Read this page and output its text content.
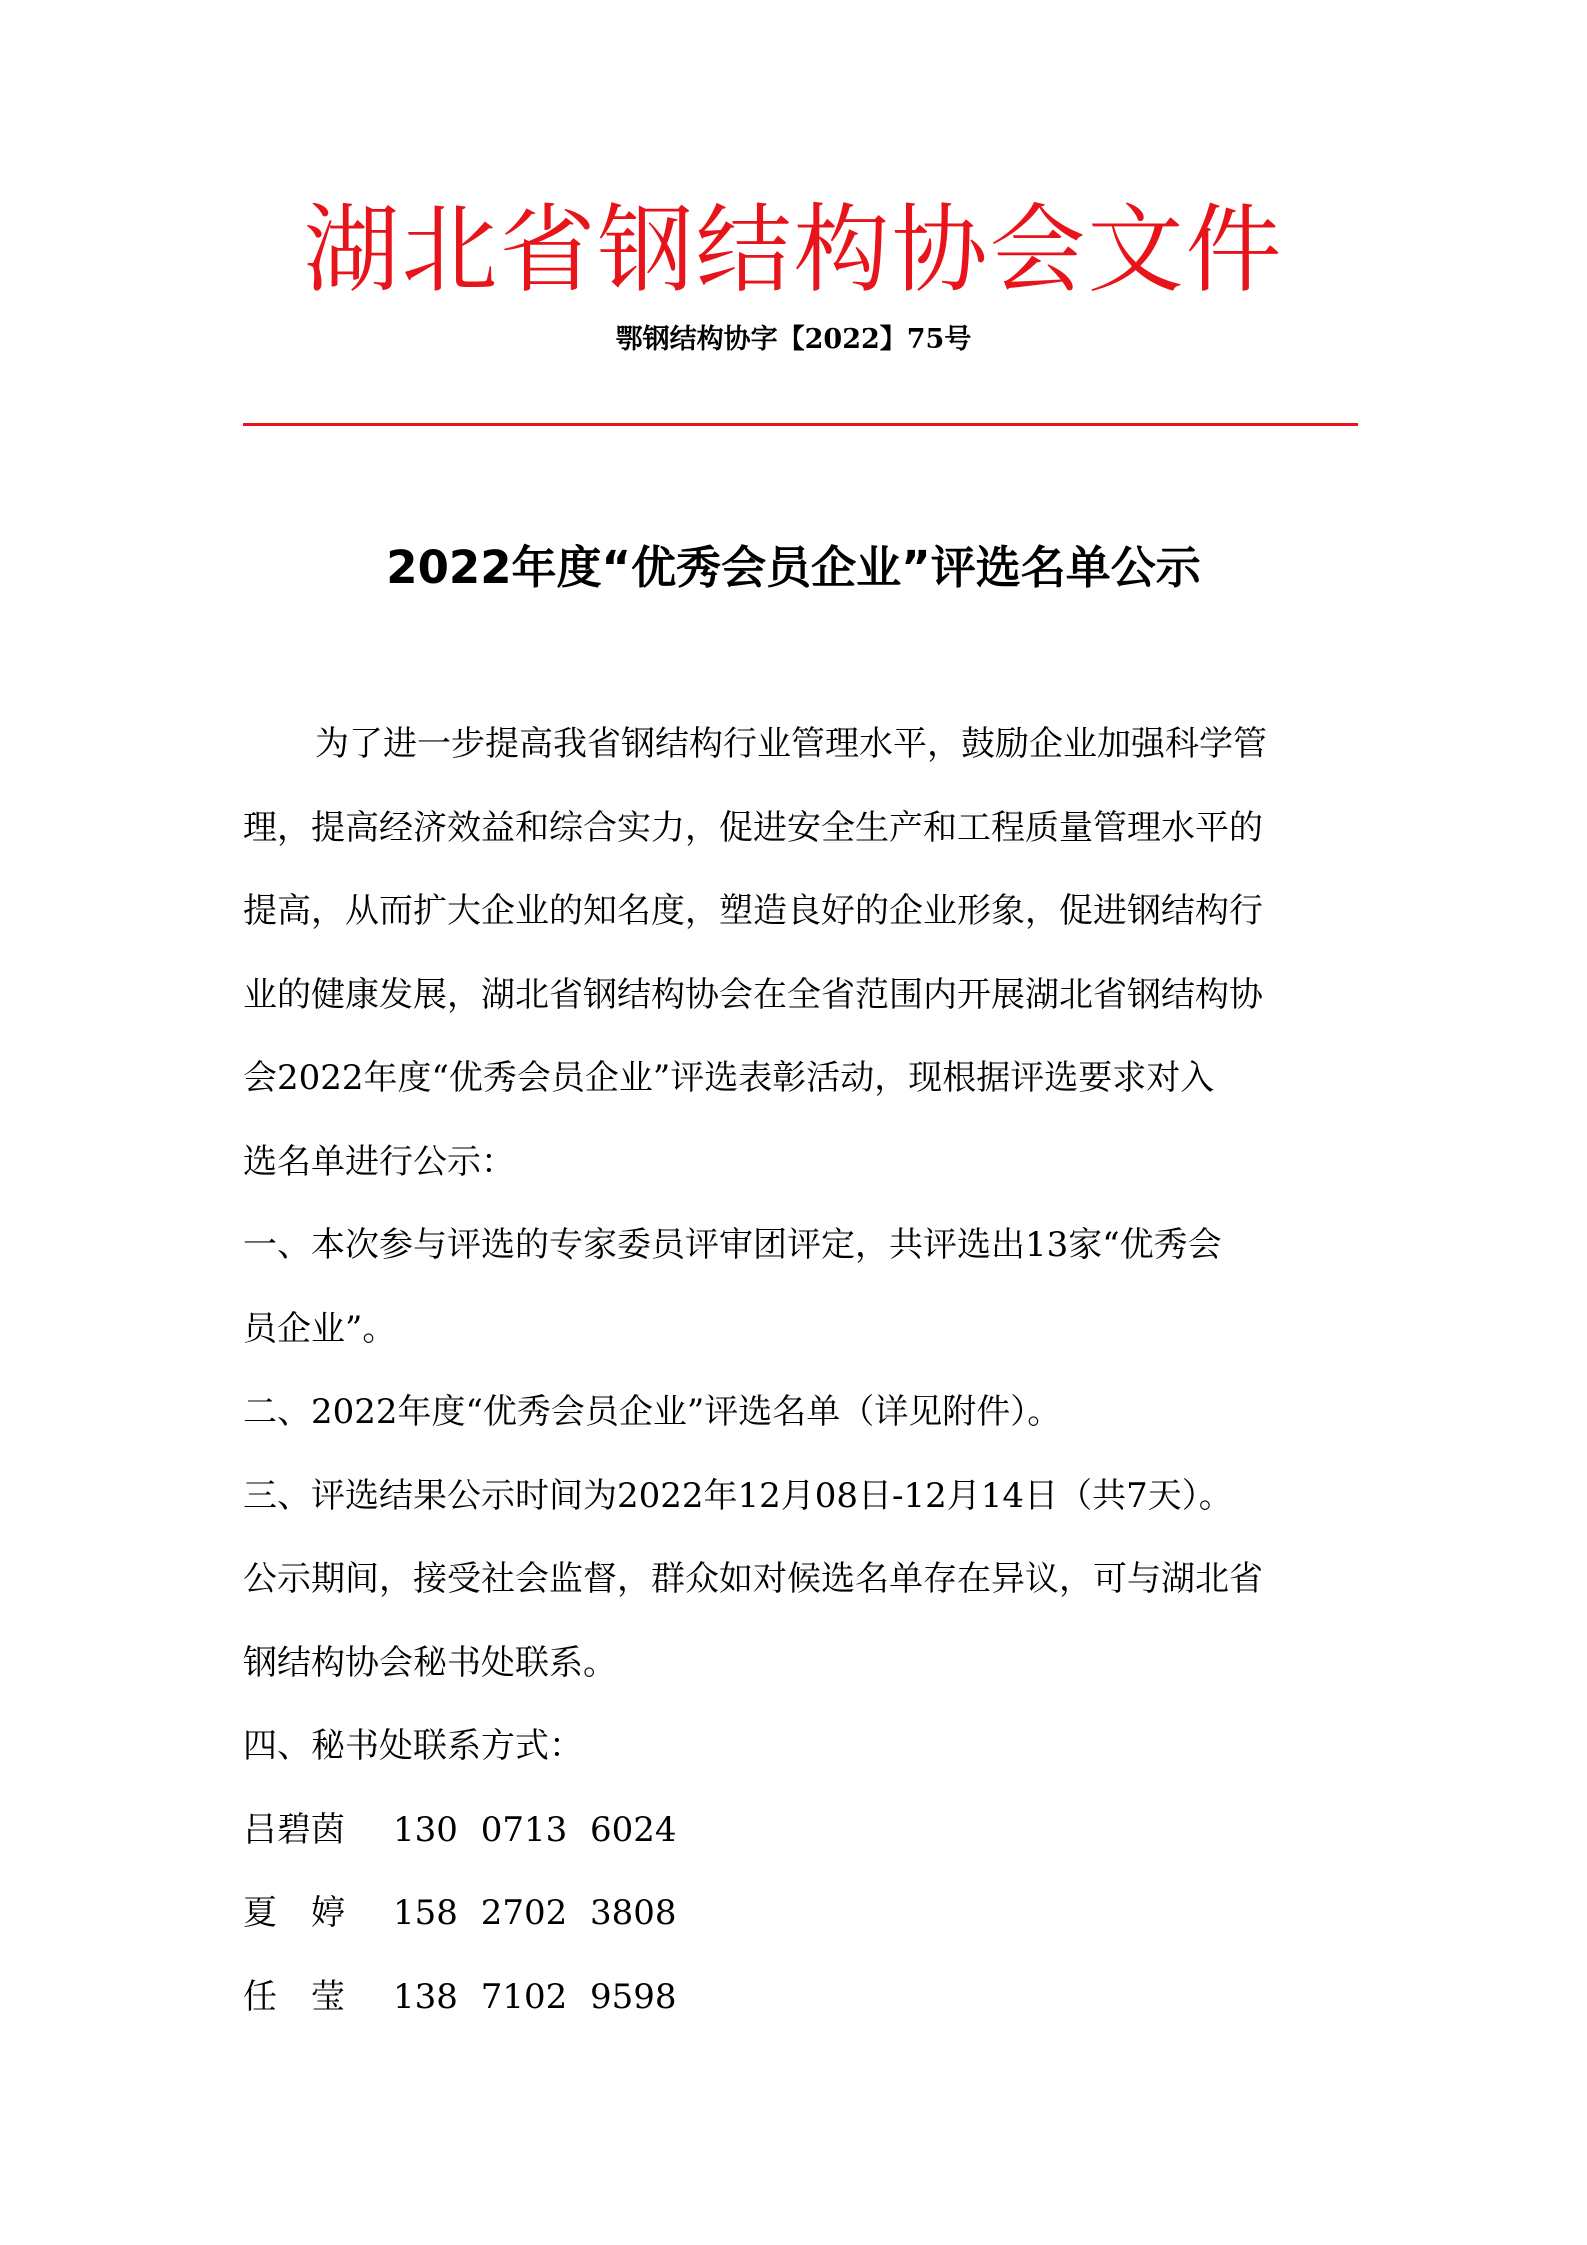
湖北省钢结构协会文件
鄂钢结构协字【2022】75号
2022年度“优秀会员企业”评选名单公示
为了进一步提高我省钢结构行业管理水平，鼓励企业加强科学管
理，提高经济效益和综合实力，促进安全生产和工程质量管理水平的
提高，从而扩大企业的知名度，塑造良好的企业形象，促进钢结构行
业的健康发展，湖北省钢结构协会在全省范围内开展湖北省钢结构协
会2022年度“优秀会员企业”评选表彰活动，现根据评选要求对入
选名单进行公示：
一、本次参与评选的专家委员评审团评定，共评选出13家“优秀会
员企业”。
二、2022年度“优秀会员企业”评选名单（详见附件）。
三、评选结果公示时间为2022年12月08日-12月14日（共7天）。
公示期间，接受社会监督，群众如对候选名单存在异议，可与湖北省
钢结构协会秘书处联系。
四、秘书处联系方式：
吕碧茵 130 0713 6024
夏　婷 158 2702 3808
任　莹 138 7102 9598
